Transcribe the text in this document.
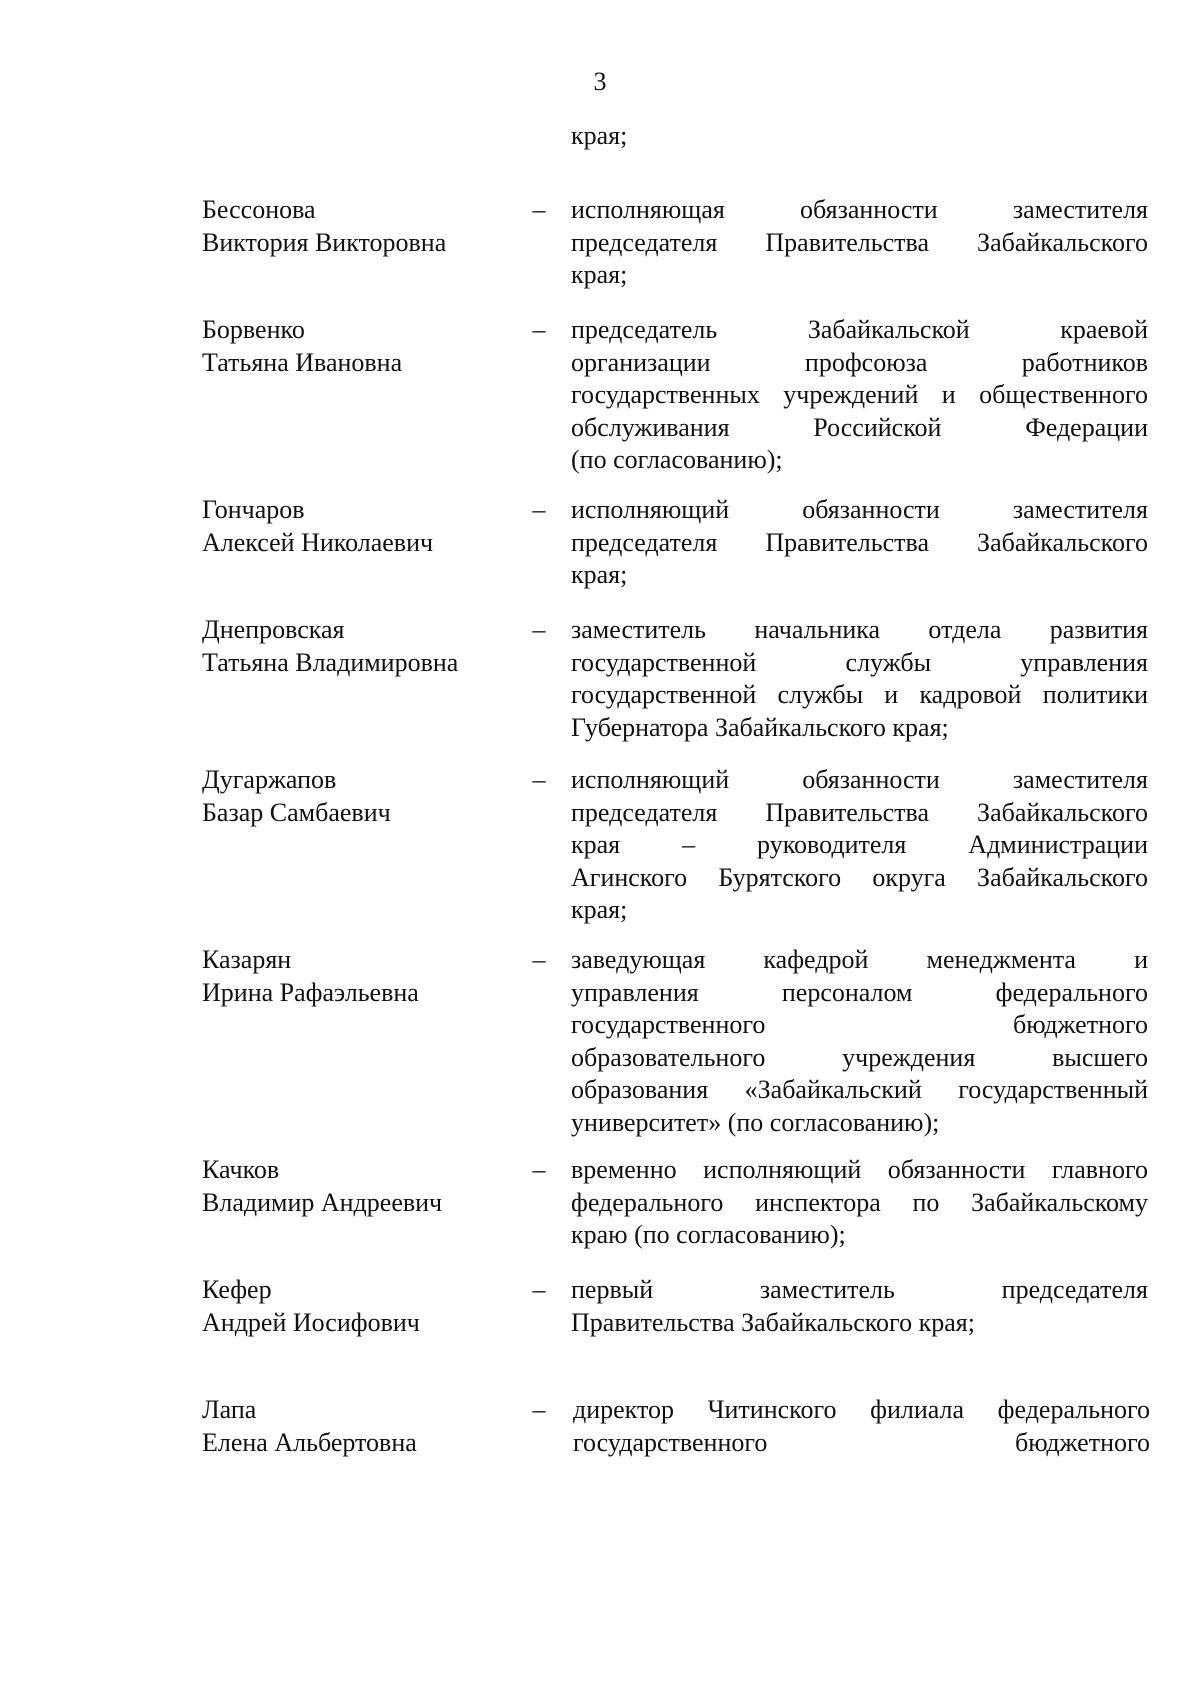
3
края;
Бессонова
Виктория Викторовна
– исполняющая обязанности заместителя
председателя Правительства Забайкальского
края;
Борвенко
Татьяна Ивановна
– председатель Забайкальской краевой
организации профсоюза работников
государственных учреждений и общественного
обслуживания Российской Федерации
(по согласованию);
Гончаров
Алексей Николаевич
– исполняющий обязанности заместителя
председателя Правительства Забайкальского
края;
Днепровская
Татьяна Владимировна
– заместитель начальника отдела развития
государственной службы управления
государственной службы и кадровой политики
Губернатора Забайкальского края;
Дугаржапов
Базар Самбаевич
– исполняющий обязанности заместителя
председателя Правительства Забайкальского
края – руководителя Администрации
Агинского Бурятского округа Забайкальского
края;
Казарян
Ирина Рафаэльевна
– заведующая кафедрой менеджмента и
управления персоналом федерального
государственного бюджетного
образовательного учреждения высшего
образования «Забайкальский государственный
университет» (по согласованию);
Качков
Владимир Андреевич
– временно исполняющий обязанности главного
федерального инспектора по Забайкальскому
краю (по согласованию);
Кефер
Андрей Иосифович
– первый заместитель председателя
Правительства Забайкальского края;
Лапа
Елена Альбертовна
– директор Читинского филиала федерального
государственного бюджетного
